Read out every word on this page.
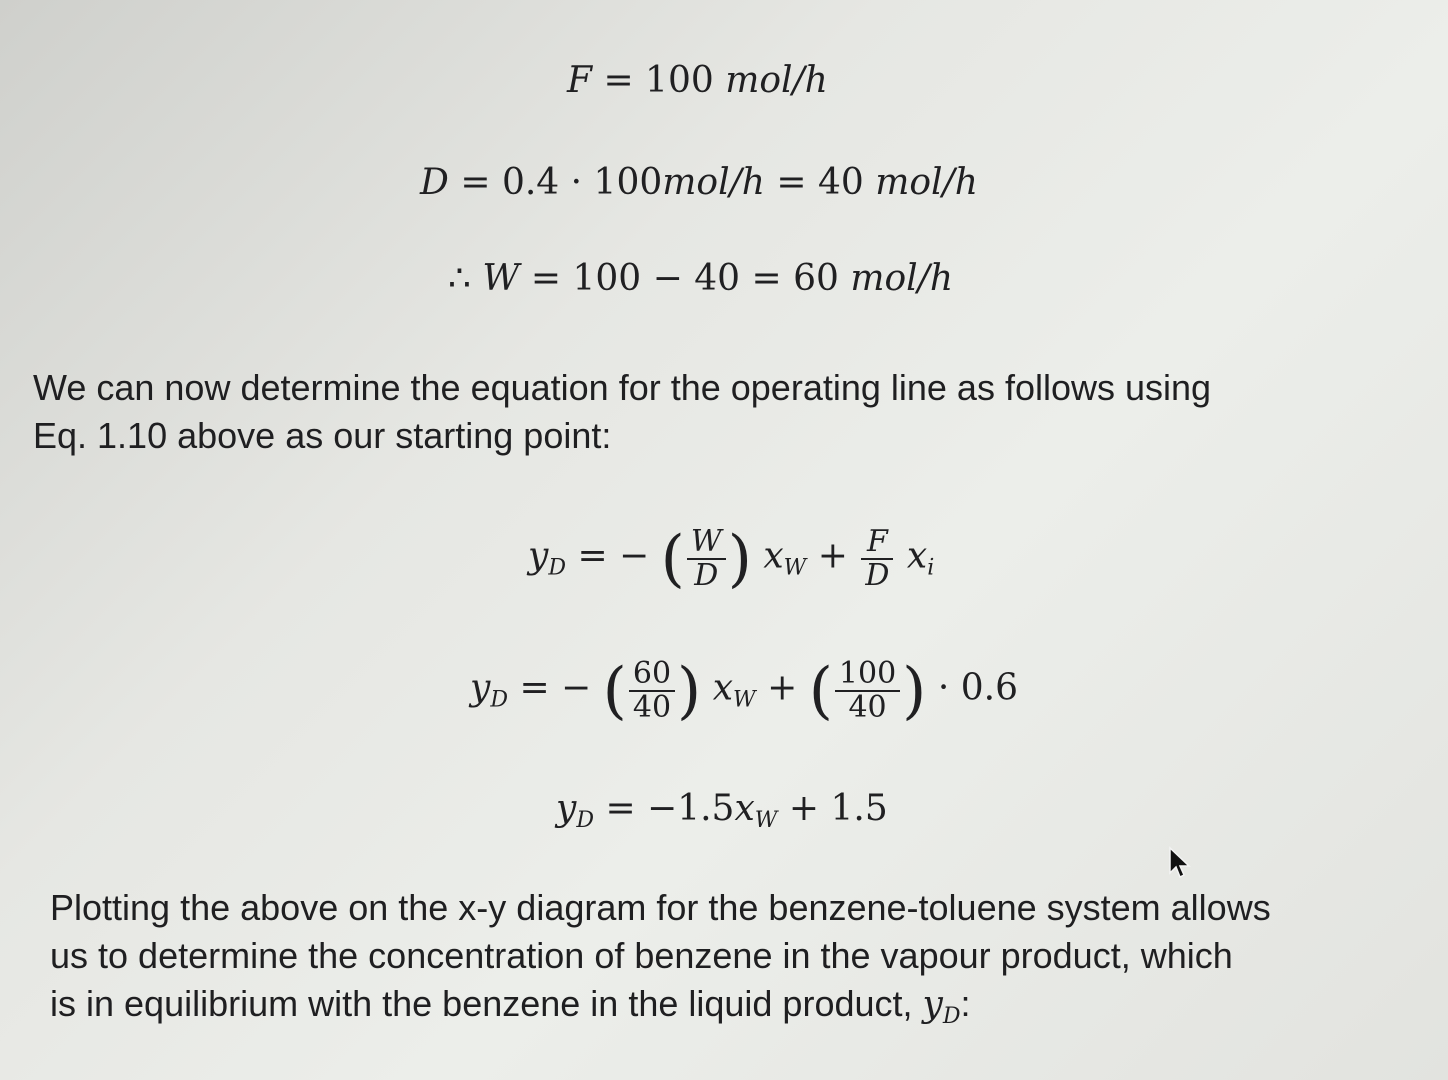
F = 100 mol/h
D = 0.4 · 100mol/h = 40 mol/h
∴ W = 100 − 40 = 60 mol/h
We can now determine the equation for the operating line as follows using
Eq. 1.10 above as our starting point:
$y_D$ = − ( $\frac{W}{D}$ ) $x_W + \frac{F}{D} x_i$
$y_D$ = − ( $\frac{60}{40}$ ) $x_W$ + ( $\frac{100}{40}$ ) · 0.6
$y_D = -1.5x_W + 1.5$
Plotting the above on the x-y diagram for the benzene-toluene system allows
us to determine the concentration of benzene in the vapour product, which
is in equilibrium with the benzene in the liquid product, $y_D$:
